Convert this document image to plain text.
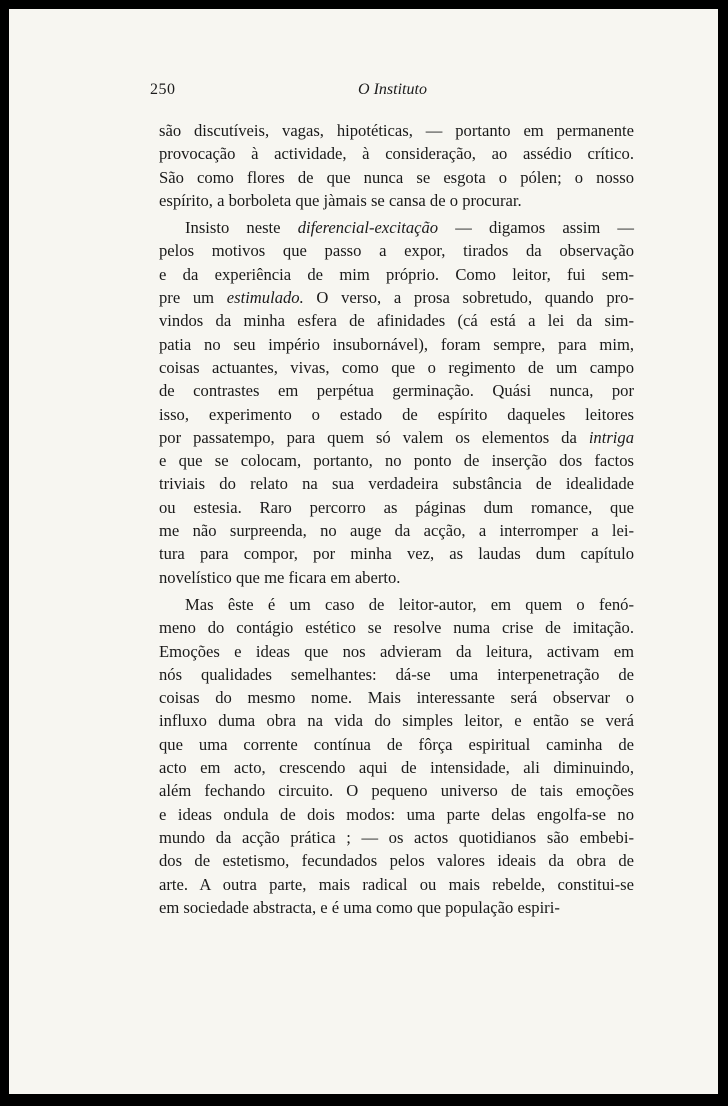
250	O Instituto
são discutíveis, vagas, hipotéticas, — portanto em permanente
provocação à actividade, à consideração, ao assédio crítico.
São como flores de que nunca se esgota o pólen; o nosso
espírito, a borboleta que jàmais se cansa de o procurar.
Insisto neste diferencial-excitação — digamos assim —
pelos motivos que passo a expor, tirados da observação
e da experiência de mim próprio. Como leitor, fui sem-
pre um estimulado. O verso, a prosa sobretudo, quando pro-
vindos da minha esfera de afinidades (cá está a lei da sim-
patia no seu império insubornável), foram sempre, para mim,
coisas actuantes, vivas, como que o regimento de um campo
de contrastes em perpétua germinação. Quási nunca, por
isso, experimento o estado de espírito daqueles leitores
por passatempo, para quem só valem os elementos da intriga
e que se colocam, portanto, no ponto de inserção dos factos
triviais do relato na sua verdadeira substância de idealidade
ou estesia. Raro percorro as páginas dum romance, que
me não surpreenda, no auge da acção, a interromper a lei-
tura para compor, por minha vez, as laudas dum capítulo
novelístico que me ficara em aberto.
Mas êste é um caso de leitor-autor, em quem o fenó-
meno do contágio estético se resolve numa crise de imitação.
Emoções e ideas que nos advieram da leitura, activam em
nós qualidades semelhantes: dá-se uma interpenetração de
coisas do mesmo nome. Mais interessante será observar o
influxo duma obra na vida do simples leitor, e então se verá
que uma corrente contínua de fôrça espiritual caminha de
acto em acto, crescendo aqui de intensidade, ali diminuindo,
além fechando circuito. O pequeno universo de tais emoções
e ideas ondula de dois modos: uma parte delas engolfa-se no
mundo da acção prática ; — os actos quotidianos são embebi-
dos de estetismo, fecundados pelos valores ideais da obra de
arte. A outra parte, mais radical ou mais rebelde, constitui-se
em sociedade abstracta, e é uma como que população espiri-
